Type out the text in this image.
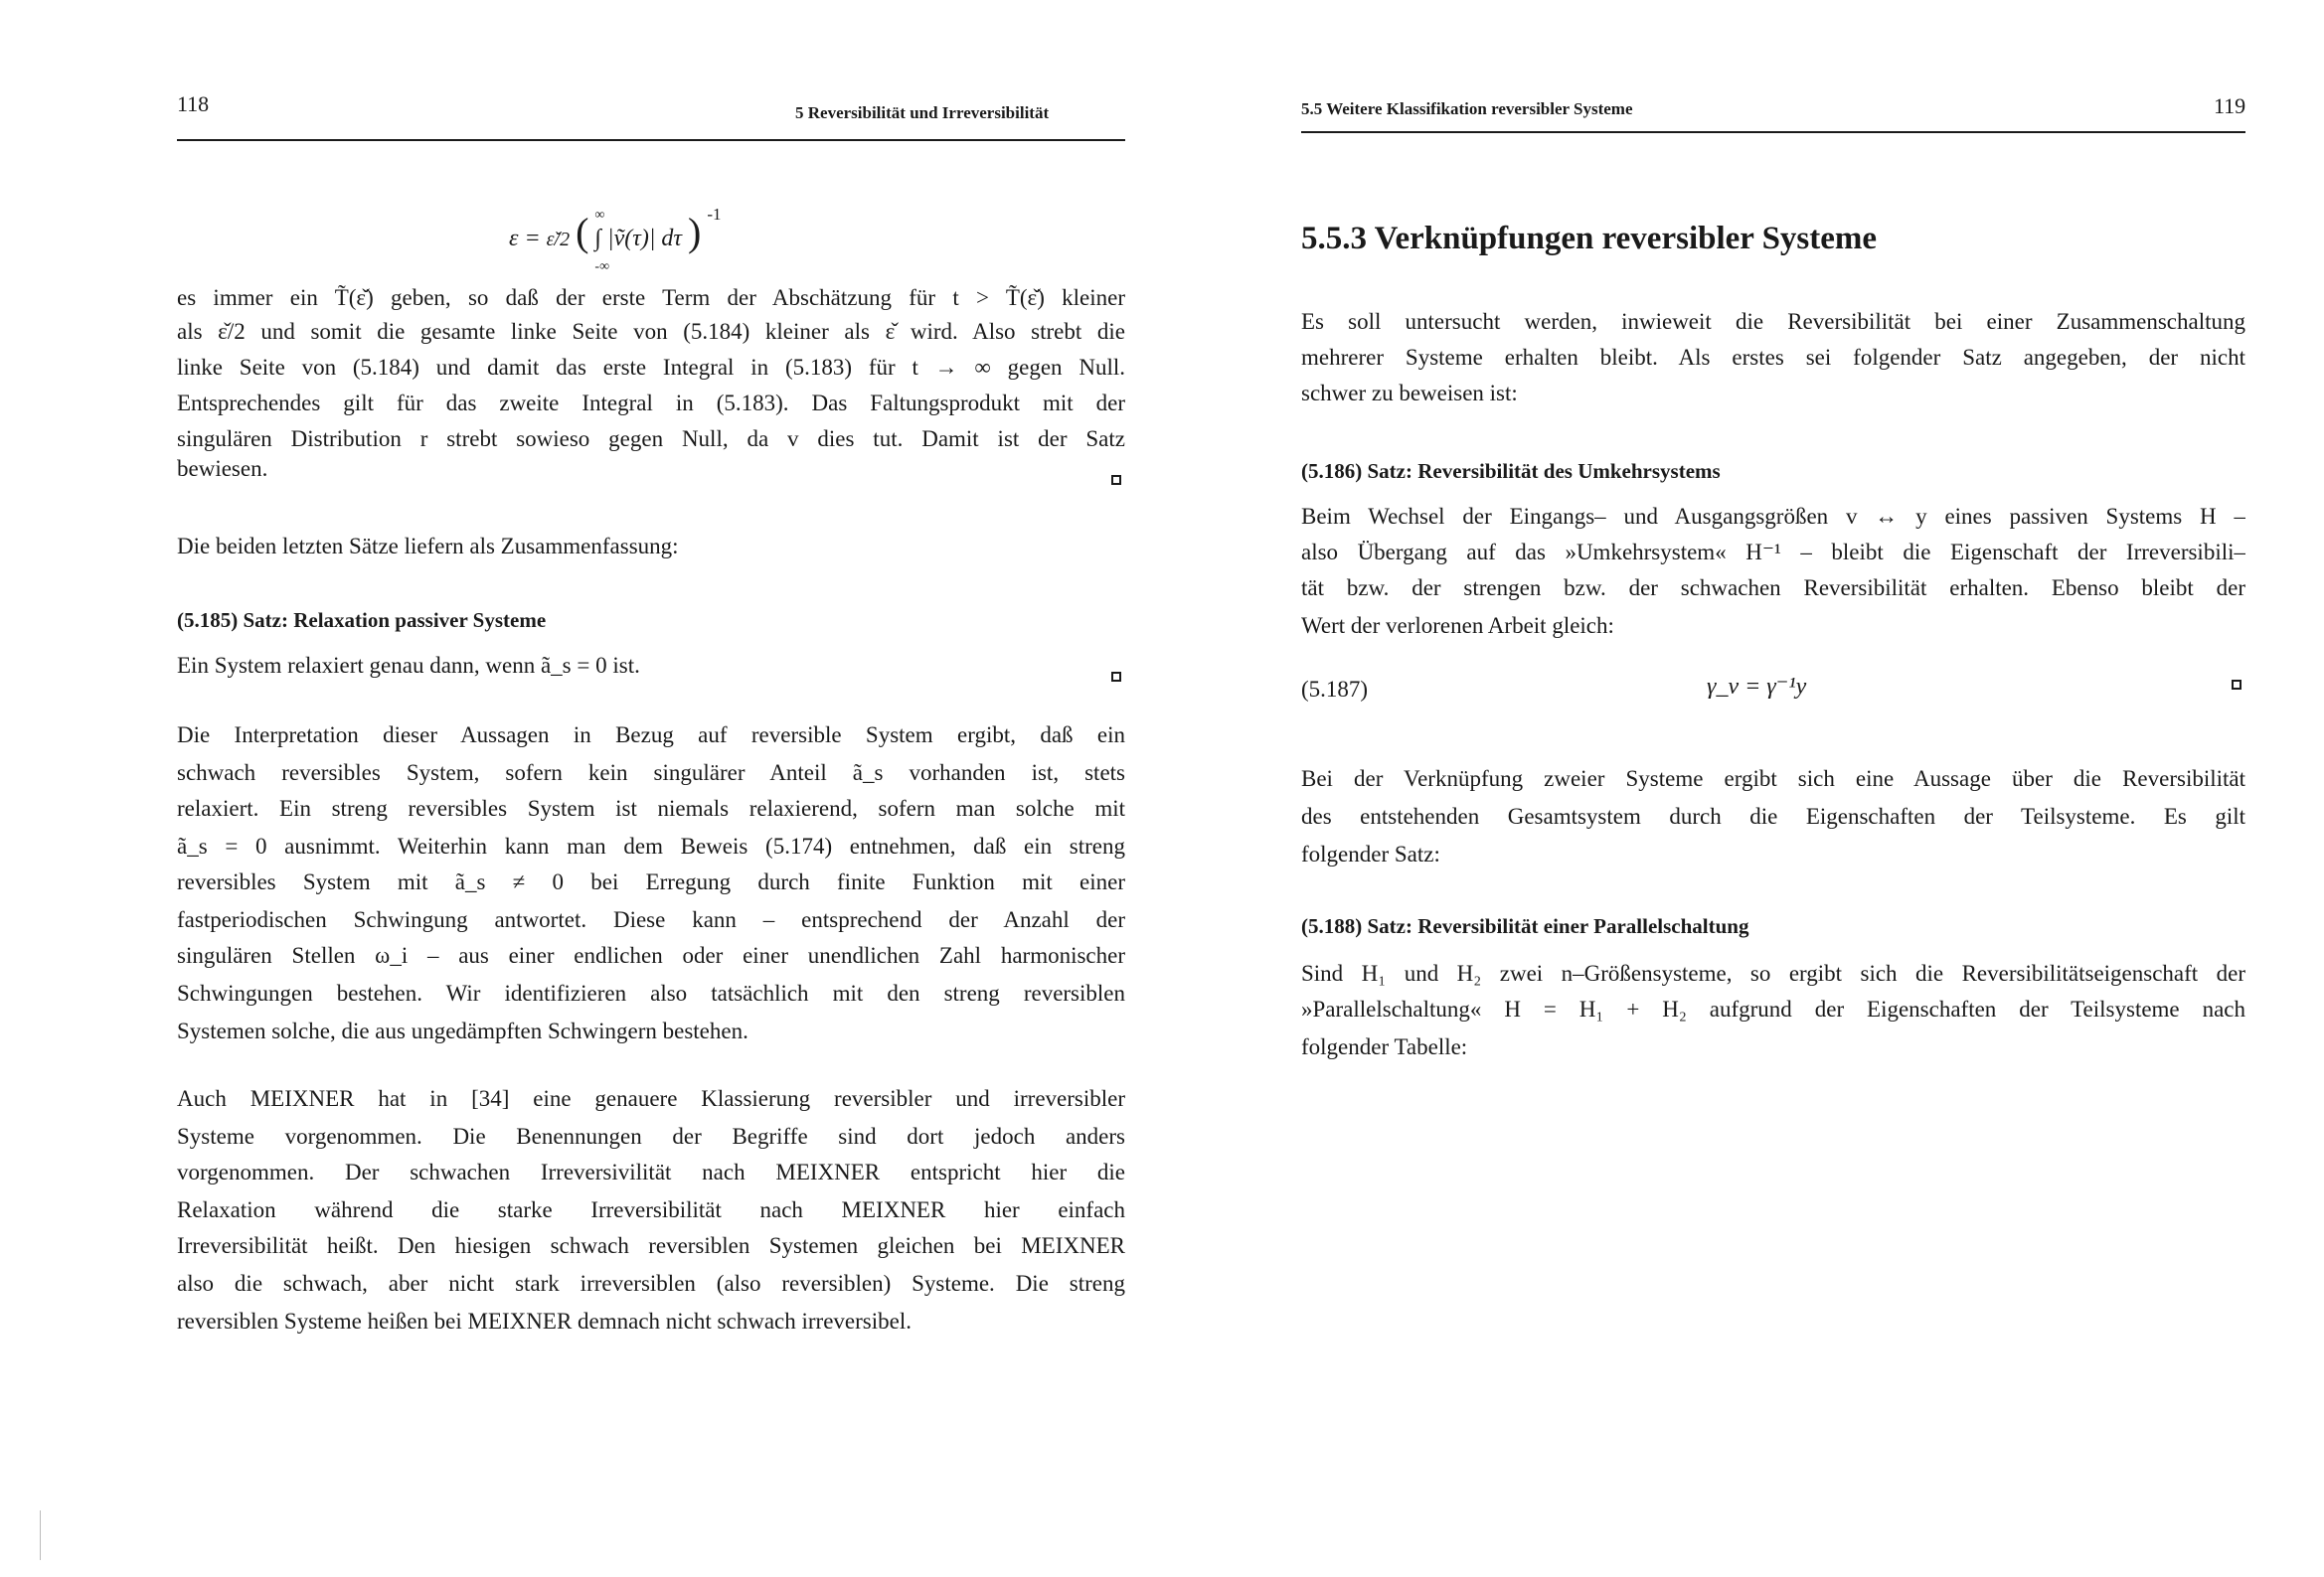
118	5 Reversibilität und Irreversibilität
ε = ε̌/2 ( ∞
∫ |ṽ(τ)| dτ
-∞
) $^{-1}$
es immer ein T̃(ε̌) geben, so daß der erste Term der Abschätzung für t > T̃(ε̌) kleiner
als ε̌/2 und somit die gesamte linke Seite von (5.184) kleiner als ε̌ wird. Also strebt die
linke Seite von (5.184) und damit das erste Integral in (5.183) für t → ∞ gegen Null.
Entsprechendes gilt für das zweite Integral in (5.183). Das Faltungsprodukt mit der
singulären Distribution r strebt sowieso gegen Null, da v dies tut. Damit ist der Satz
bewiesen.
Die beiden letzten Sätze liefern als Zusammenfassung:
(5.185) Satz: Relaxation passiver Systeme
Ein System relaxiert genau dann, wenn ã_s = 0 ist.
Die Interpretation dieser Aussagen in Bezug auf reversible System ergibt, daß ein
schwach reversibles System, sofern kein singulärer Anteil ã_s vorhanden ist, stets
relaxiert. Ein streng reversibles System ist niemals relaxierend, sofern man solche mit
ã_s = 0 ausnimmt. Weiterhin kann man dem Beweis (5.174) entnehmen, daß ein streng
reversibles System mit ã_s ≠ 0 bei Erregung durch finite Funktion mit einer
fastperiodischen Schwingung antwortet. Diese kann – entsprechend der Anzahl der
singulären Stellen ω_i – aus einer endlichen oder einer unendlichen Zahl harmonischer
Schwingungen bestehen. Wir identifizieren also tatsächlich mit den streng reversiblen
Systemen solche, die aus ungedämpften Schwingern bestehen.
Auch MEIXNER hat in [34] eine genauere Klassierung reversibler und irreversibler
Systeme vorgenommen. Die Benennungen der Begriffe sind dort jedoch anders
vorgenommen. Der schwachen Irreversivilität nach MEIXNER entspricht hier die
Relaxation während die starke Irreversibilität nach MEIXNER hier einfach
Irreversibilität heißt. Den hiesigen schwach reversiblen Systemen gleichen bei MEIXNER
also die schwach, aber nicht stark irreversiblen (also reversiblen) Systeme. Die streng
reversiblen Systeme heißen bei MEIXNER demnach nicht schwach irreversibel.
5.5 Weitere Klassifikation reversibler Systeme	119
5.5.3 Verknüpfungen reversibler Systeme
Es soll untersucht werden, inwieweit die Reversibilität bei einer Zusammenschaltung
mehrerer Systeme erhalten bleibt. Als erstes sei folgender Satz angegeben, der nicht
schwer zu beweisen ist:
(5.186) Satz: Reversibilität des Umkehrsystems
Beim Wechsel der Eingangs– und Ausgangsgrößen v ↔ y eines passiven Systems H –
also Übergang auf das »Umkehrsystem« H⁻¹ – bleibt die Eigenschaft der Irreversibili–
tät bzw. der strengen bzw. der schwachen Reversibilität erhalten. Ebenso bleibt der
Wert der verlorenen Arbeit gleich:
(5.187)	γ_v = γ⁻¹y
Bei der Verknüpfung zweier Systeme ergibt sich eine Aussage über die Reversibilität
des entstehenden Gesamtsystem durch die Eigenschaften der Teilsysteme. Es gilt
folgender Satz:
(5.188) Satz: Reversibilität einer Parallelschaltung
Sind H₁ und H₂ zwei n–Größensysteme, so ergibt sich die Reversibilitätseigenschaft der
»Parallelschaltung« H = H₁ + H₂ aufgrund der Eigenschaften der Teilsysteme nach
folgender Tabelle:
